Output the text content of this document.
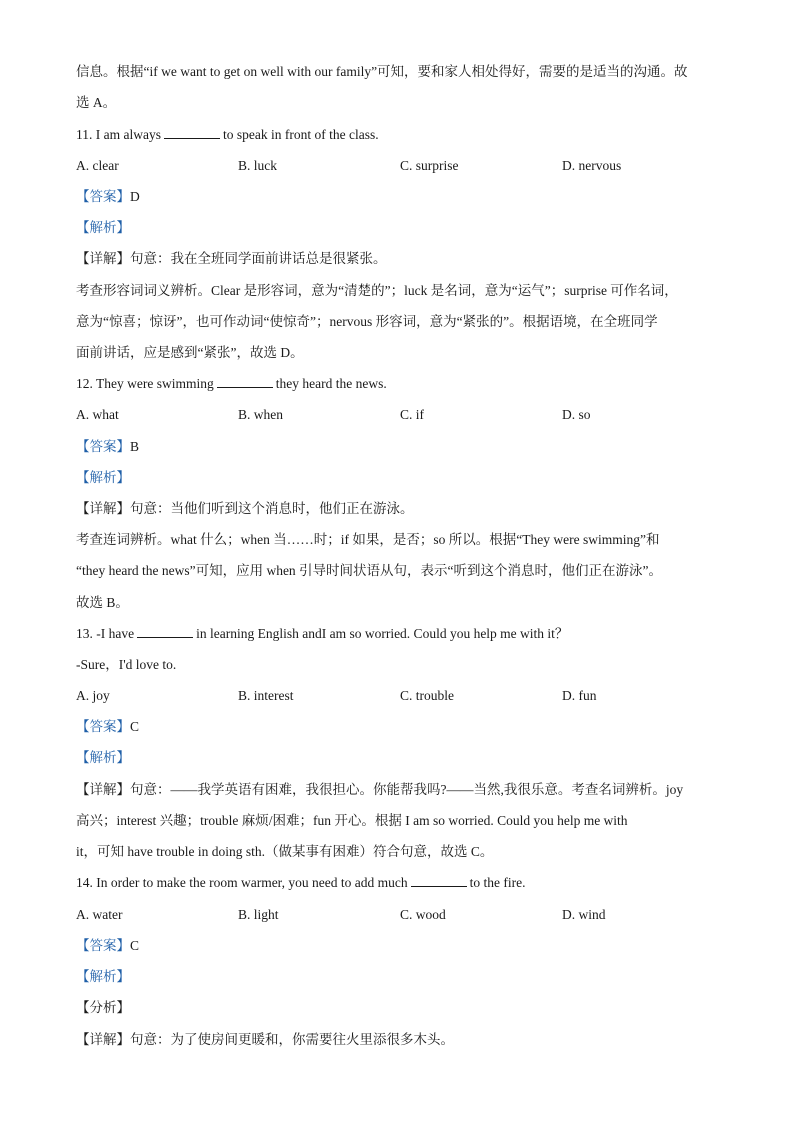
信息。根据“if we want to get on well with our family”可知，要和家人相处得好，需要的是适当的沟通。故
选 A。
11. I am always	to speak in front of the class.
A. clear	B. luck	C. surprise	D. nervous
【答案】D
【解析】
【详解】句意：我在全班同学面前讲话总是很紧张。
考查形容词词义辨析。Clear 是形容词，意为“清楚的”；luck 是名词，意为“运气”；surprise 可作名词，
意为“惊喜；惊讶”，也可作动词“使惊奇”；nervous 形容词，意为“紧张的”。根据语境，在全班同学
面前讲话，应是感到“紧张”，故选 D。
12. They were swimming	they heard the news.
A. what	B. when	C. if	D. so
【答案】B
【解析】
【详解】句意：当他们听到这个消息时，他们正在游泳。
考查连词辨析。what 什么；when 当……时；if 如果，是否；so 所以。根据“They were swimming”和
“they heard the news”可知，应用 when 引导时间状语从句，表示“听到这个消息时，他们正在游泳”。
故选 B。
13. -I have	in learning English andI am so worried. Could you help me with it？
-Sure，I'd love to.
A. joy	B. interest	C. trouble	D. fun
【答案】C
【解析】
【详解】句意：——我学英语有困难，我很担心。你能帮我吗?——当然,我很乐意。考查名词辨析。joy
高兴；interest 兴趣；trouble 麻烦/困难；fun 开心。根据 I am so worried. Could you help me with
it，可知 have trouble in doing sth.（做某事有困难）符合句意，故选 C。
14. In order to make the room warmer, you need to add much	to the fire.
A. water	B. light	C. wood	D. wind
【答案】C
【解析】
【分析】
【详解】句意：为了使房间更暖和，你需要往火里添很多木头。
